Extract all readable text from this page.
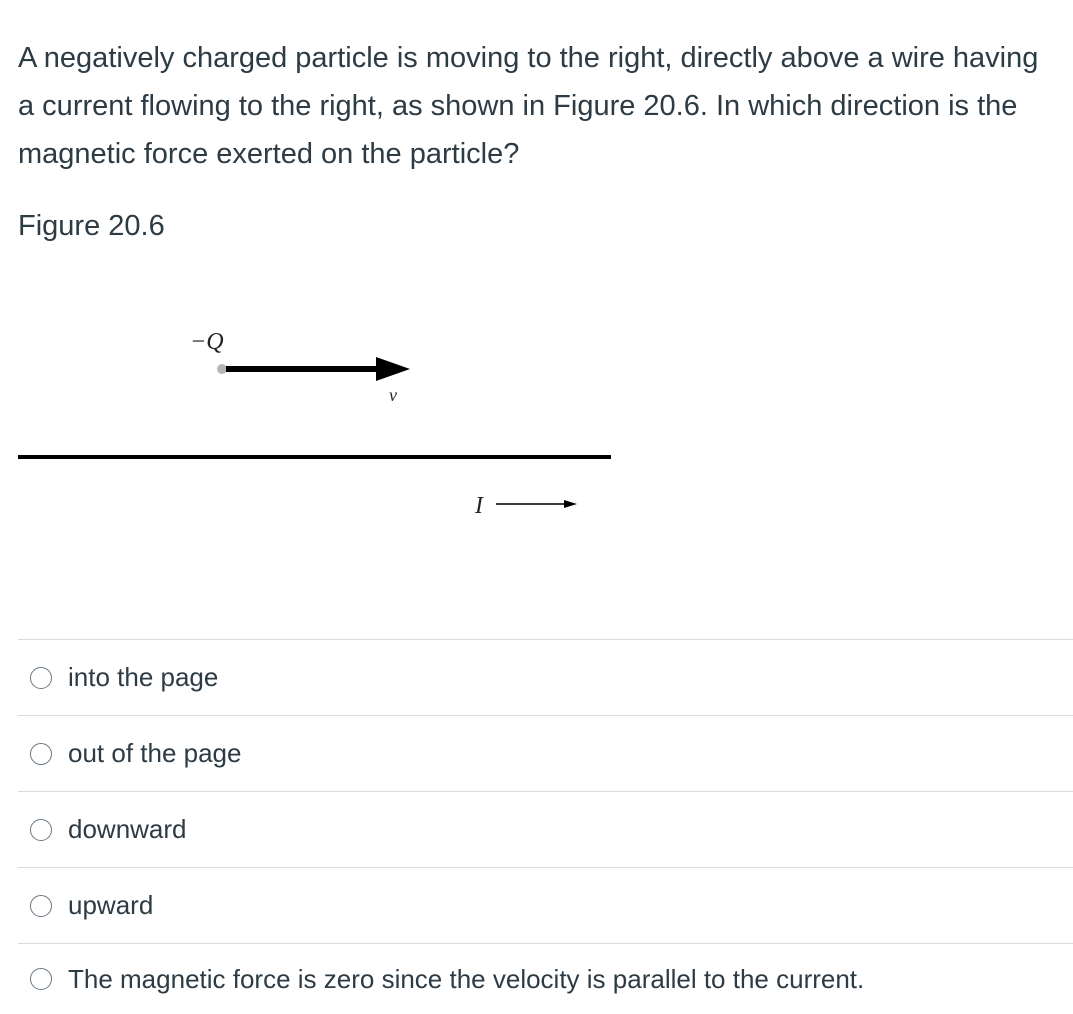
A negatively charged particle is moving to the right, directly above a wire having a current flowing to the right, as shown in Figure 20.6. In which direction is the magnetic force exerted on the particle?

Figure 20.6

−Q
v
I
into the page
out of the page
downward
upward
The magnetic force is zero since the velocity is parallel to the current.
